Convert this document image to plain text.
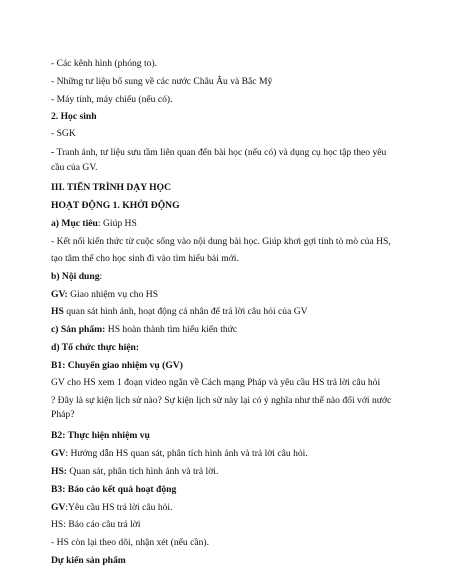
- Các kênh hình (phóng to).
- Những tư liệu bổ sung về các nước Châu Âu và Bắc Mỹ
- Máy tính, máy chiếu (nếu có).
2. Học sinh
- SGK
- Tranh ảnh, tư liệu sưu tầm liên quan đến bài học (nếu có) và dụng cụ học tập theo yêu
cầu của GV.
III. TIẾN TRÌNH DẠY HỌC
HOẠT ĐỘNG 1. KHỞI ĐỘNG
a) Mục tiêu: Giúp HS
- Kết nối kiến thức từ cuộc sống vào nội dung bài học. Giúp khơi gợi tính tò mò của HS,
tạo tâm thế cho học sinh đi vào tìm hiểu bài mới.
b) Nội dung:
GV: Giao nhiệm vụ cho HS
HS quan sát hình ảnh, hoạt động cá nhân để trả lời câu hỏi của GV
c) Sản phẩm: HS hoàn thành tìm hiểu kiến thức
d) Tổ chức thực hiện:
B1: Chuyển giao nhiệm vụ (GV)
GV cho HS xem 1 đoạn video ngắn về Cách mạng Pháp và yêu cầu HS trả lời câu hỏi
? Đây là sự kiện lịch sử nào? Sự kiện lịch sử này lại có ý nghĩa như thế nào đối với nước
Pháp?
B2: Thực hiện nhiệm vụ
GV: Hướng dẫn HS quan sát, phân tích hình ảnh và trả lời câu hỏi.
HS: Quan sát, phân tích hình ảnh và trả lời.
B3: Báo cáo kết quả hoạt động
GV:Yêu cầu HS trả lời câu hỏi.
HS: Báo cáo câu trả lời
- HS còn lại theo dõi, nhận xét (nếu cần).
Dự kiến sản phẩm
